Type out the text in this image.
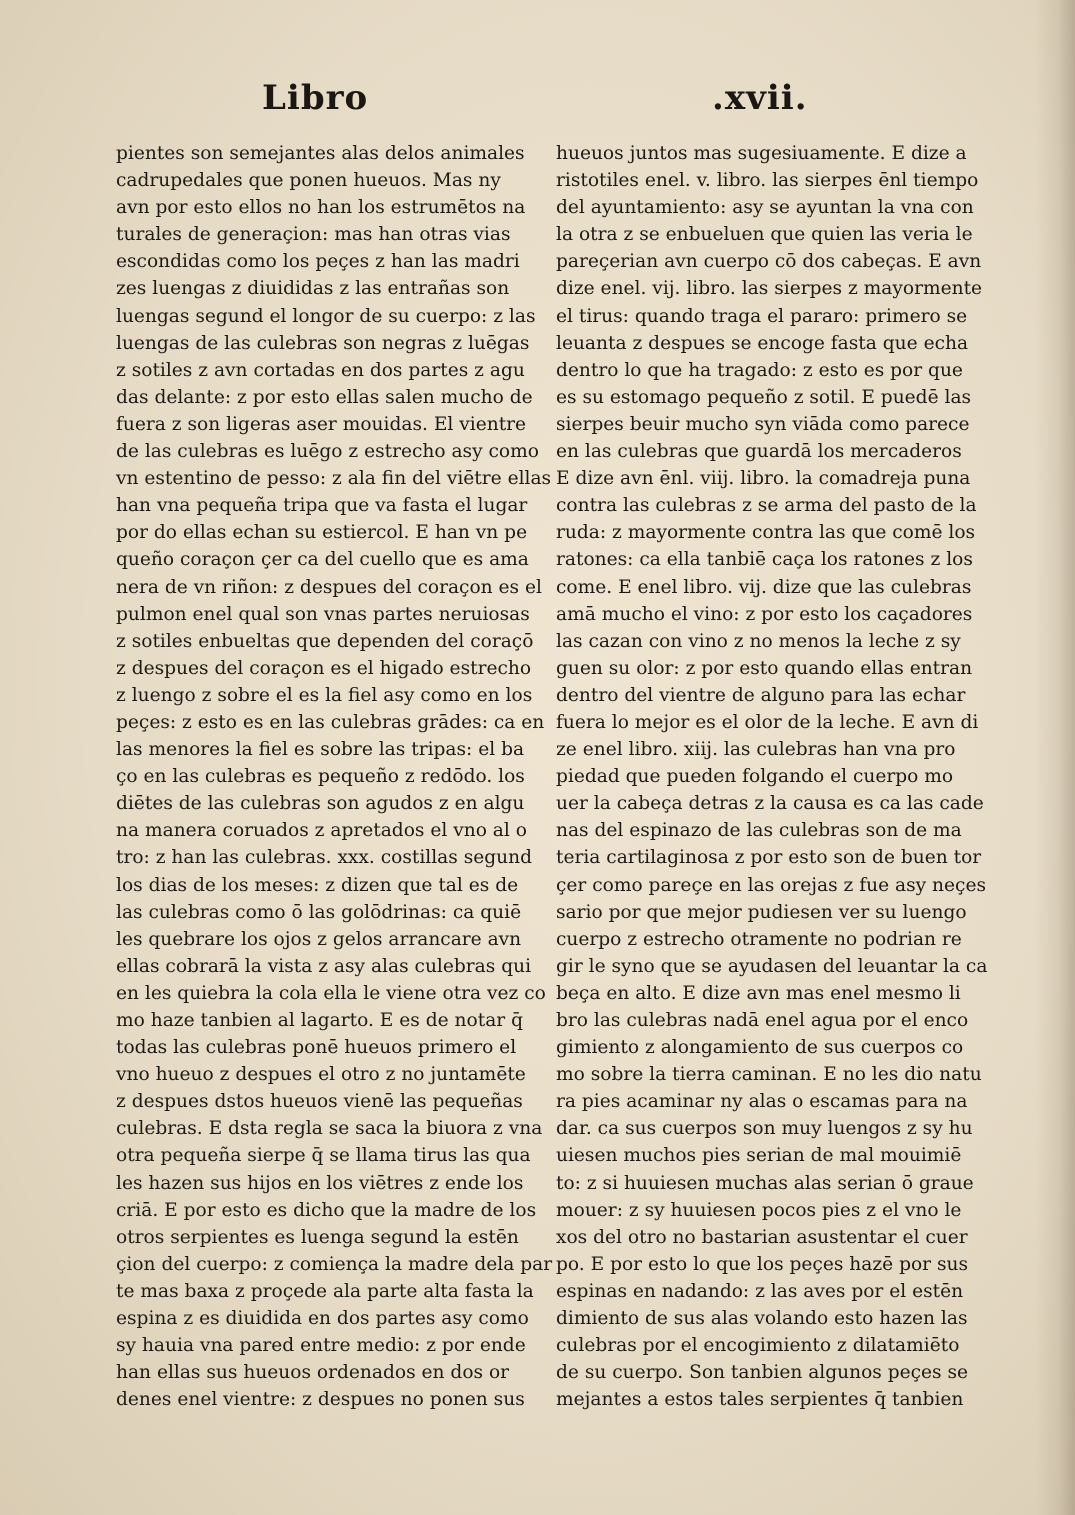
Libro	.xvii.
pientes son semejantes alas delos animales
cadrupedales que ponen hueuos. Mas ny
avn por esto ellos no han los estrumētos na
turales de generaçion: mas han otras vias
escondidas como los peçes z han las madri
zes luengas z diuididas z las entrañas son
luengas segund el longor de su cuerpo: z las
luengas de las culebras son negras z luēgas
z sotiles z avn cortadas en dos partes z agu
das delante: z por esto ellas salen mucho de
fuera z son ligeras aser mouidas. El vientre
de las culebras es luēgo z estrecho asy como
vn estentino de pesso: z ala fin del viētre ellas
han vna pequeña tripa que va fasta el lugar
por do ellas echan su estiercol. E han vn pe
queño coraçon çer ca del cuello que es ama
nera de vn riñon: z despues del coraçon es el
pulmon enel qual son vnas partes neruiosas
z sotiles enbueltas que dependen del coraçō
z despues del coraçon es el higado estrecho
z luengo z sobre el es la fiel asy como en los
peçes: z esto es en las culebras grādes: ca en
las menores la fiel es sobre las tripas: el ba
ço en las culebras es pequeño z redōdo. los
diētes de las culebras son agudos z en algu
na manera coruados z apretados el vno al o
tro: z han las culebras. xxx. costillas segund
los dias de los meses: z dizen que tal es de
las culebras como ō las golōdrinas: ca quiē
les quebrare los ojos z gelos arrancare avn
ellas cobrarā la vista z asy alas culebras qui
en les quiebra la cola ella le viene otra vez co
mo haze tanbien al lagarto. E es de notar q̄
todas las culebras ponē hueuos primero el
vno hueuo z despues el otro z no juntamēte
z despues dstos hueuos vienē las pequeñas
culebras. E dsta regla se saca la biuora z vna
otra pequeña sierpe q̄ se llama tirus las qua
les hazen sus hijos en los viētres z ende los
criā. E por esto es dicho que la madre de los
otros serpientes es luenga segund la estēn
çion del cuerpo: z comiença la madre dela par
te mas baxa z proçede ala parte alta fasta la
espina z es diuidida en dos partes asy como
sy hauia vna pared entre medio: z por ende
han ellas sus hueuos ordenados en dos or
denes enel vientre: z despues no ponen sus
hueuos juntos mas sugesiuamente. E dize a
ristotiles enel. v. libro. las sierpes ēnl tiempo
del ayuntamiento: asy se ayuntan la vna con
la otra z se enbueluen que quien las veria le
pareçerian avn cuerpo cō dos cabeças. E avn
dize enel. vij. libro. las sierpes z mayormente
el tirus: quando traga el pararo: primero se
leuanta z despues se encoge fasta que echa
dentro lo que ha tragado: z esto es por que
es su estomago pequeño z sotil. E puedē las
sierpes beuir mucho syn viāda como parece
en las culebras que guardā los mercaderos
E dize avn ēnl. viij. libro. la comadreja puna
contra las culebras z se arma del pasto de la
ruda: z mayormente contra las que comē los
ratones: ca ella tanbiē caça los ratones z los
come. E enel libro. vij. dize que las culebras
amā mucho el vino: z por esto los caçadores
las cazan con vino z no menos la leche z sy
guen su olor: z por esto quando ellas entran
dentro del vientre de alguno para las echar
fuera lo mejor es el olor de la leche. E avn di
ze enel libro. xiij. las culebras han vna pro
piedad que pueden folgando el cuerpo mo
uer la cabeça detras z la causa es ca las cade
nas del espinazo de las culebras son de ma
teria cartilaginosa z por esto son de buen tor
çer como pareçe en las orejas z fue asy neçes
sario por que mejor pudiesen ver su luengo
cuerpo z estrecho otramente no podrian re
gir le syno que se ayudasen del leuantar la ca
beça en alto. E dize avn mas enel mesmo li
bro las culebras nadā enel agua por el enco
gimiento z alongamiento de sus cuerpos co
mo sobre la tierra caminan. E no les dio natu
ra pies acaminar ny alas o escamas para na
dar. ca sus cuerpos son muy luengos z sy hu
uiesen muchos pies serian de mal mouimiē
to: z si huuiesen muchas alas serian ō graue
mouer: z sy huuiesen pocos pies z el vno le
xos del otro no bastarian asustentar el cuer
po. E por esto lo que los peçes hazē por sus
espinas en nadando: z las aves por el estēn
dimiento de sus alas volando esto hazen las
culebras por el encogimiento z dilatamiēto
de su cuerpo. Son tanbien algunos peçes se
mejantes a estos tales serpientes q̄ tanbien
